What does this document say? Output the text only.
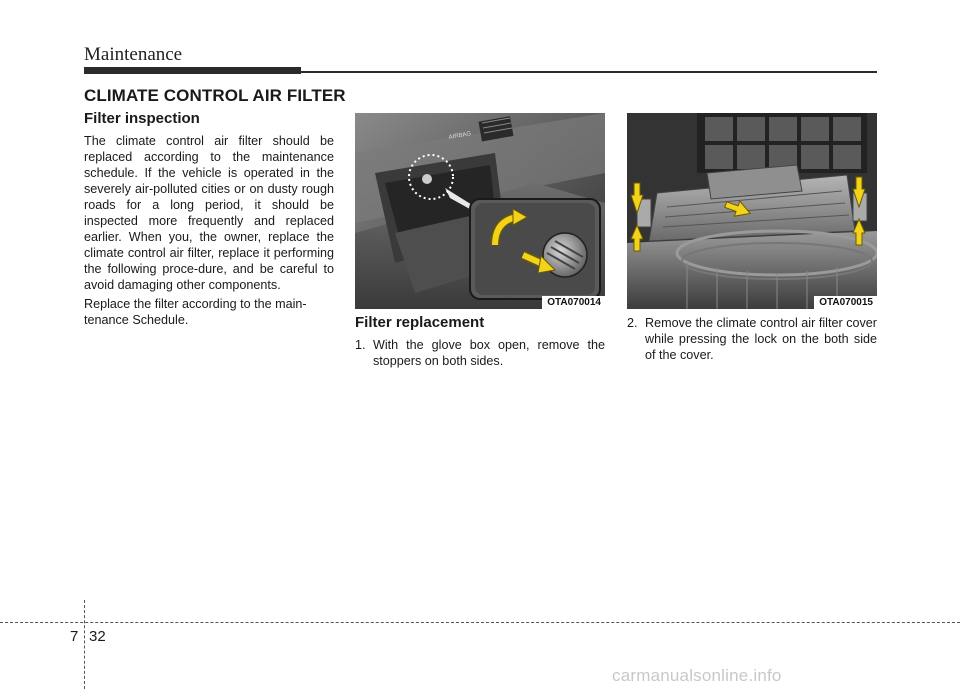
Maintenance
CLIMATE CONTROL AIR FILTER
Filter inspection

The climate control air filter should be replaced according to the maintenance schedule. If the vehicle is operated in the severely air-polluted cities or on dusty rough roads for a long period, it should be inspected more frequently and replaced earlier. When you, the owner, replace the climate control air filter, replace it performing the following proce-dure, and be careful to avoid damaging other components.

Replace the filter according to the main-tenance Schedule.

AIRBAG
OTA070014	OTA070015
Filter replacement
1. With the glove box open, remove the stoppers on both sides.
2. Remove the climate control air filter cover while pressing the lock on the both side of the cover.
7 32
carmanualsonline.info
